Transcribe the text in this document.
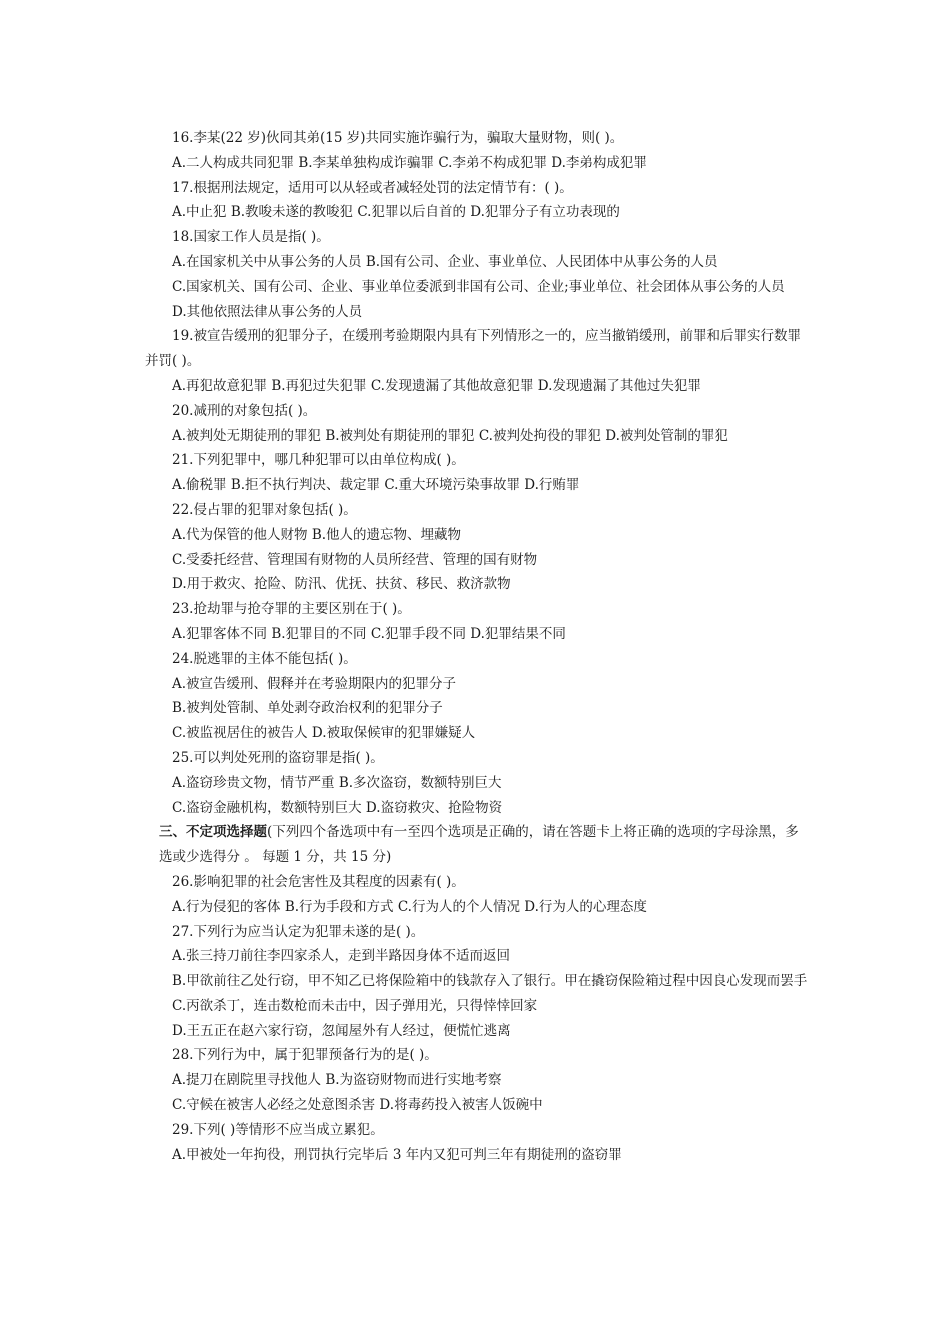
16.李某(22 岁)伙同其弟(15 岁)共同实施诈骗行为，骗取大量财物，则( )。
A.二人构成共同犯罪 B.李某单独构成诈骗罪 C.李弟不构成犯罪 D.李弟构成犯罪
17.根据刑法规定，适用可以从轻或者减轻处罚的法定情节有：( )。
A.中止犯 B.教唆未遂的教唆犯 C.犯罪以后自首的 D.犯罪分子有立功表现的
18.国家工作人员是指( )。
A.在国家机关中从事公务的人员 B.国有公司、企业、事业单位、人民团体中从事公务的人员
C.国家机关、国有公司、企业、事业单位委派到非国有公司、企业;事业单位、社会团体从事公务的人员
D.其他依照法律从事公务的人员
19.被宣告缓刑的犯罪分子，在缓刑考验期限内具有下列情形之一的，应当撤销缓刑，前罪和后罪实行数罪并罚( )。
A.再犯故意犯罪 B.再犯过失犯罪 C.发现遗漏了其他故意犯罪 D.发现遗漏了其他过失犯罪
20.减刑的对象包括( )。
A.被判处无期徒刑的罪犯 B.被判处有期徒刑的罪犯 C.被判处拘役的罪犯 D.被判处管制的罪犯
21.下列犯罪中，哪几种犯罪可以由单位构成( )。
A.偷税罪 B.拒不执行判决、裁定罪 C.重大环境污染事故罪 D.行贿罪
22.侵占罪的犯罪对象包括( )。
A.代为保管的他人财物 B.他人的遗忘物、埋藏物
C.受委托经营、管理国有财物的人员所经营、管理的国有财物
D.用于救灾、抢险、防汛、优抚、扶贫、移民、救济款物
23.抢劫罪与抢夺罪的主要区别在于( )。
A.犯罪客体不同 B.犯罪目的不同 C.犯罪手段不同 D.犯罪结果不同
24.脱逃罪的主体不能包括( )。
A.被宣告缓刑、假释并在考验期限内的犯罪分子
B.被判处管制、单处剥夺政治权利的犯罪分子
C.被监视居住的被告人 D.被取保候审的犯罪嫌疑人
25.可以判处死刑的盗窃罪是指( )。
A.盗窃珍贵文物，情节严重 B.多次盗窃，数额特别巨大
C.盗窃金融机构，数额特别巨大 D.盗窃救灾、抢险物资
三、不定项选择题(下列四个备选项中有一至四个选项是正确的，请在答题卡上将正确的选项的字母涂黑，多选或少选得分 。 每题 1 分，共 15 分)
26.影响犯罪的社会危害性及其程度的因素有( )。
A.行为侵犯的客体 B.行为手段和方式 C.行为人的个人情况 D.行为人的心理态度
27.下列行为应当认定为犯罪未遂的是( )。
A.张三持刀前往李四家杀人，走到半路因身体不适而返回
B.甲欲前往乙处行窃，甲不知乙已将保险箱中的钱款存入了银行。甲在撬窃保险箱过程中因良心发现而罢手
C.丙欲杀丁，连击数枪而未击中，因子弹用光，只得悻悻回家
D.王五正在赵六家行窃，忽闻屋外有人经过，便慌忙逃离
28.下列行为中，属于犯罪预备行为的是( )。
A.提刀在剧院里寻找他人 B.为盗窃财物而进行实地考察
C.守候在被害人必经之处意图杀害 D.将毒药投入被害人饭碗中
29.下列( )等情形不应当成立累犯。
A.甲被处一年拘役，刑罚执行完毕后 3 年内又犯可判三年有期徒刑的盗窃罪
